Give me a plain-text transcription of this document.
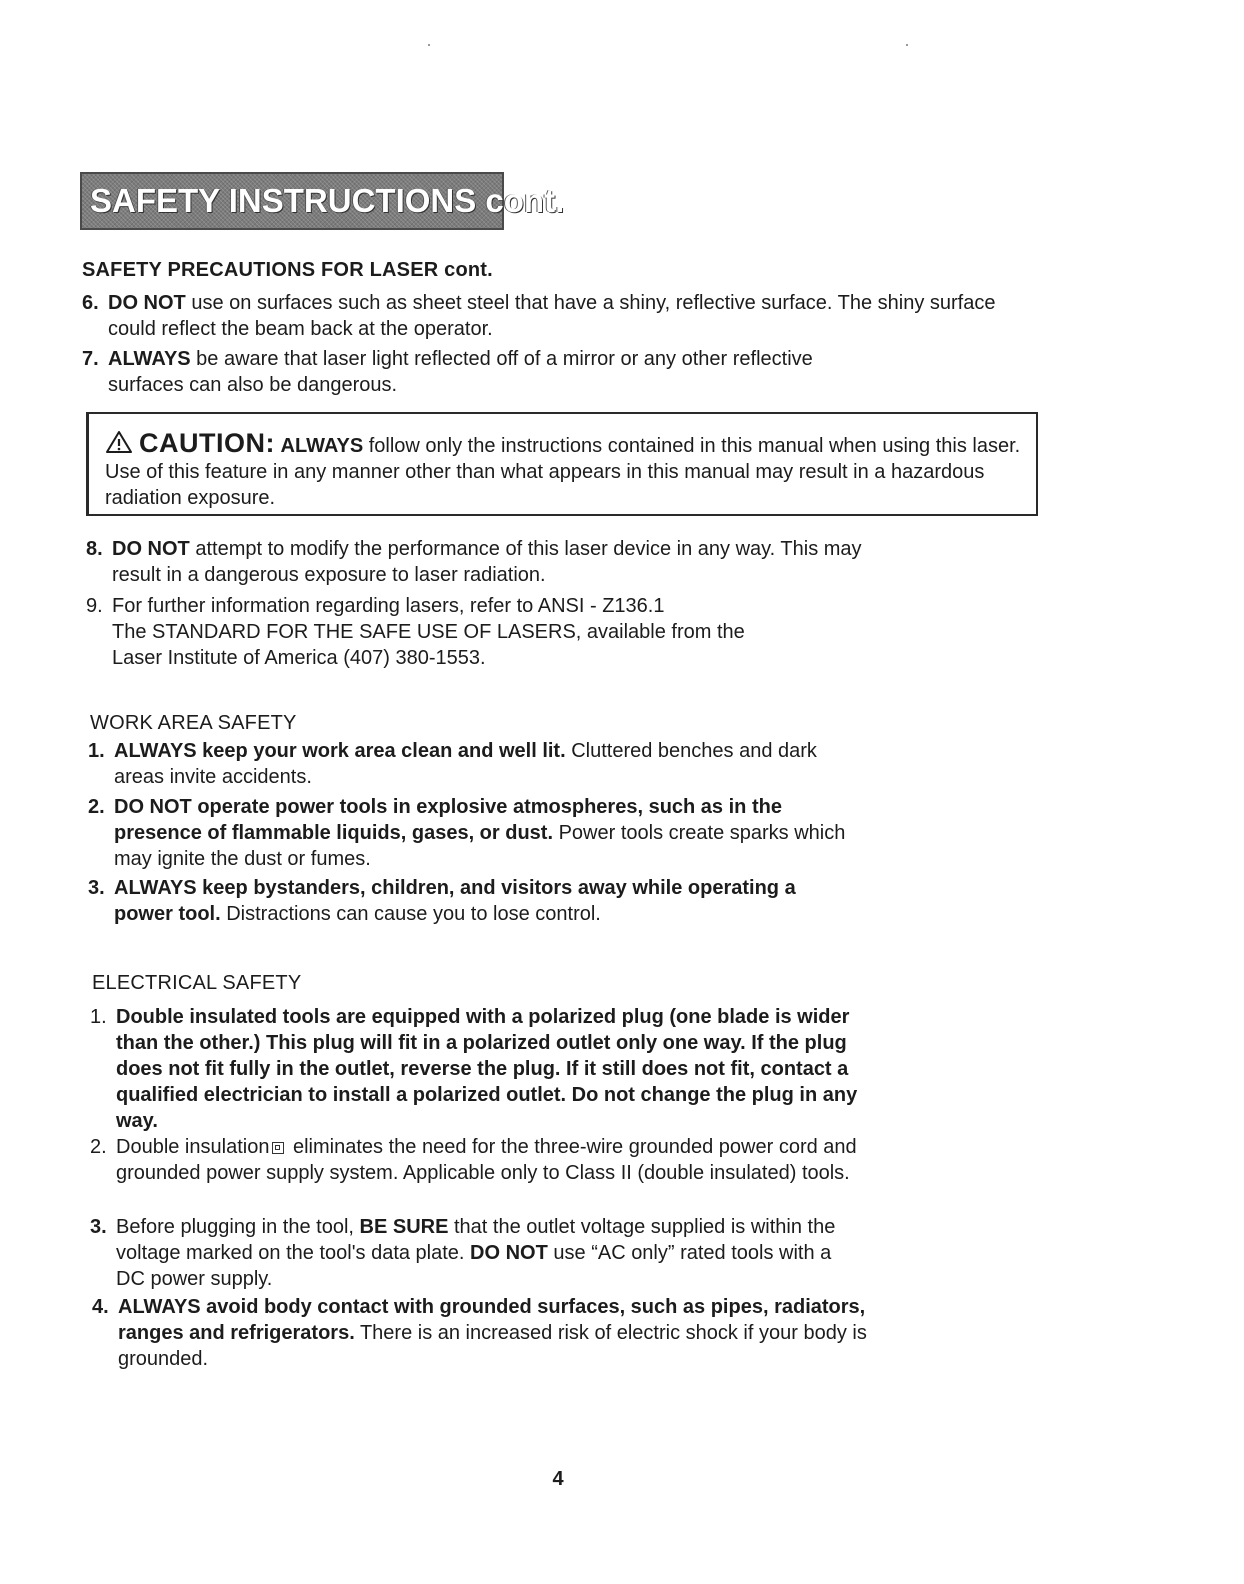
SAFETY INSTRUCTIONS cont.
SAFETY PRECAUTIONS FOR LASER cont.
6. DO NOT use on surfaces such as sheet steel that have a shiny, reflective surface. The shiny surface could reflect the beam back at the operator.
7. ALWAYS be aware that laser light reflected off of a mirror or any other reflective surfaces can also be dangerous.
CAUTION: ALWAYS follow only the instructions contained in this manual when using this laser. Use of this feature in any manner other than what appears in this manual may result in a hazardous radiation exposure.
8. DO NOT attempt to modify the performance of this laser device in any way. This may result in a dangerous exposure to laser radiation.
9. For further information regarding lasers, refer to ANSI - Z136.1
The STANDARD FOR THE SAFE USE OF LASERS, available from the
Laser Institute of America (407) 380-1553.
WORK AREA SAFETY
1. ALWAYS keep your work area clean and well lit. Cluttered benches and dark areas invite accidents.
2. DO NOT operate power tools in explosive atmospheres, such as in the presence of flammable liquids, gases, or dust. Power tools create sparks which may ignite the dust or fumes.
3. ALWAYS keep bystanders, children, and visitors away while operating a power tool. Distractions can cause you to lose control.
ELECTRICAL SAFETY
1. Double insulated tools are equipped with a polarized plug (one blade is wider than the other.) This plug will fit in a polarized outlet only one way. If the plug does not fit fully in the outlet, reverse the plug. If it still does not fit, contact a qualified electrician to install a polarized outlet. Do not change the plug in any way.
2. Double insulation eliminates the need for the three-wire grounded power cord and grounded power supply system. Applicable only to Class II (double insulated) tools.
3. Before plugging in the tool, BE SURE that the outlet voltage supplied is within the voltage marked on the tool's data plate. DO NOT use “AC only” rated tools with a DC power supply.
4. ALWAYS avoid body contact with grounded surfaces, such as pipes, radiators, ranges and refrigerators. There is an increased risk of electric shock if your body is grounded.
4
